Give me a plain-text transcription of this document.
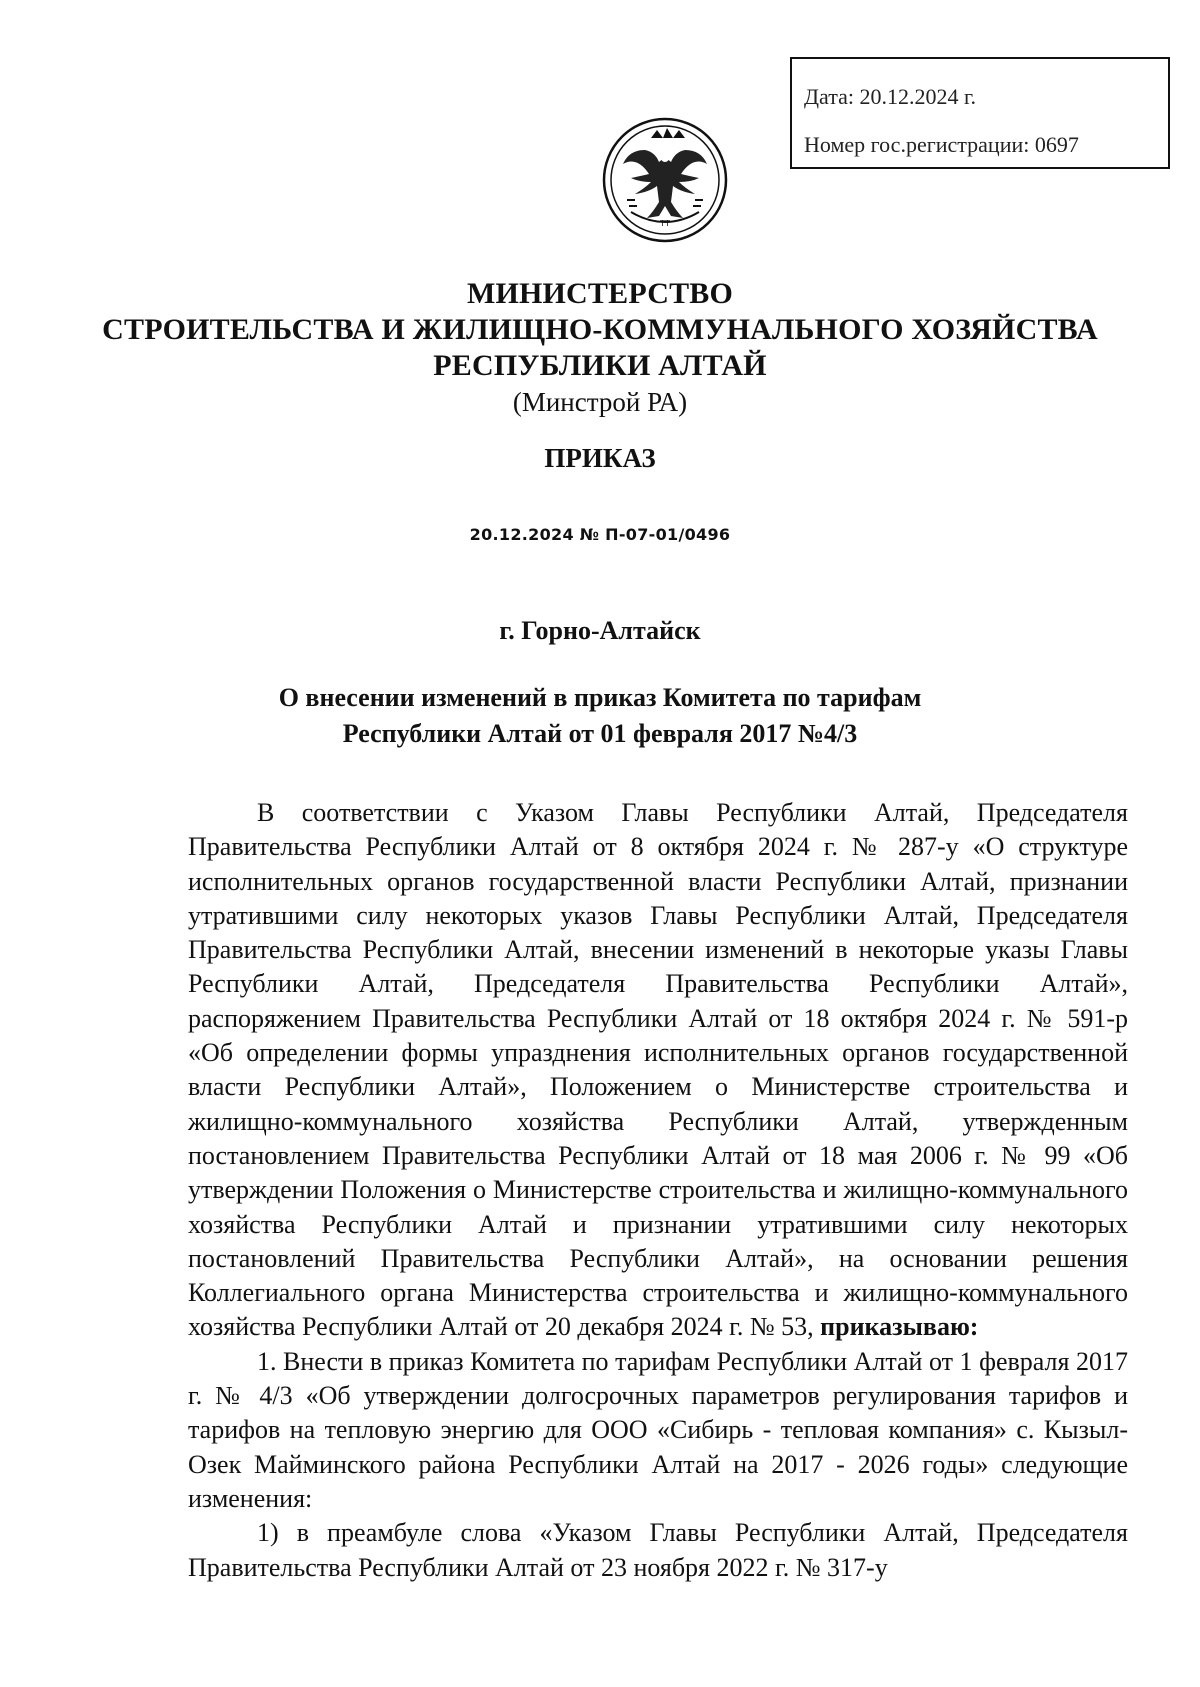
Дата: 20.12.2024 г.
Номер гос.регистрации: 0697
ТТ
МИНИСТЕРСТВО
СТРОИТЕЛЬСТВА И ЖИЛИЩНО-КОММУНАЛЬНОГО ХОЗЯЙСТВА
РЕСПУБЛИКИ АЛТАЙ
(Минстрой РА)
ПРИКАЗ
20.12.2024 № П-07-01/0496
г. Горно-Алтайск
О внесении изменений в приказ Комитета по тарифам
Республики Алтай от 01 февраля 2017 №4/3

В соответствии с Указом Главы Республики Алтай, Председателя Правительства Республики Алтай от 8 октября 2024 г. № 287-у «О структуре исполнительных органов государственной власти Республики Алтай, признании утратившими силу некоторых указов Главы Республики Алтай, Председателя Правительства Республики Алтай, внесении изменений в некоторые указы Главы Республики Алтай, Председателя Правительства Республики Алтай», распоряжением Правительства Республики Алтай от 18 октября 2024 г. № 591-р «Об определении формы упразднения исполнительных органов государственной власти Республики Алтай», Положением о Министерстве строительства и жилищно-коммунального хозяйства Республики Алтай, утвержденным постановлением Правительства Республики Алтай от 18 мая 2006 г. № 99 «Об утверждении Положения о Министерстве строительства и жилищно-коммунального хозяйства Республики Алтай и признании утратившими силу некоторых постановлений Правительства Республики Алтай», на основании решения Коллегиального органа Министерства строительства и жилищно-коммунального хозяйства Республики Алтай от 20 декабря 2024 г. № 53, приказываю:

1. Внести в приказ Комитета по тарифам Республики Алтай от 1 февраля 2017 г. № 4/3 «Об утверждении долгосрочных параметров регулирования тарифов и тарифов на тепловую энергию для ООО «Сибирь - тепловая компания» с. Кызыл-Озек Майминского района Республики Алтай на 2017 - 2026 годы» следующие изменения:

1) в преамбуле слова «Указом Главы Республики Алтай, Председателя Правительства Республики Алтай от 23 ноября 2022 г. № 317-у
